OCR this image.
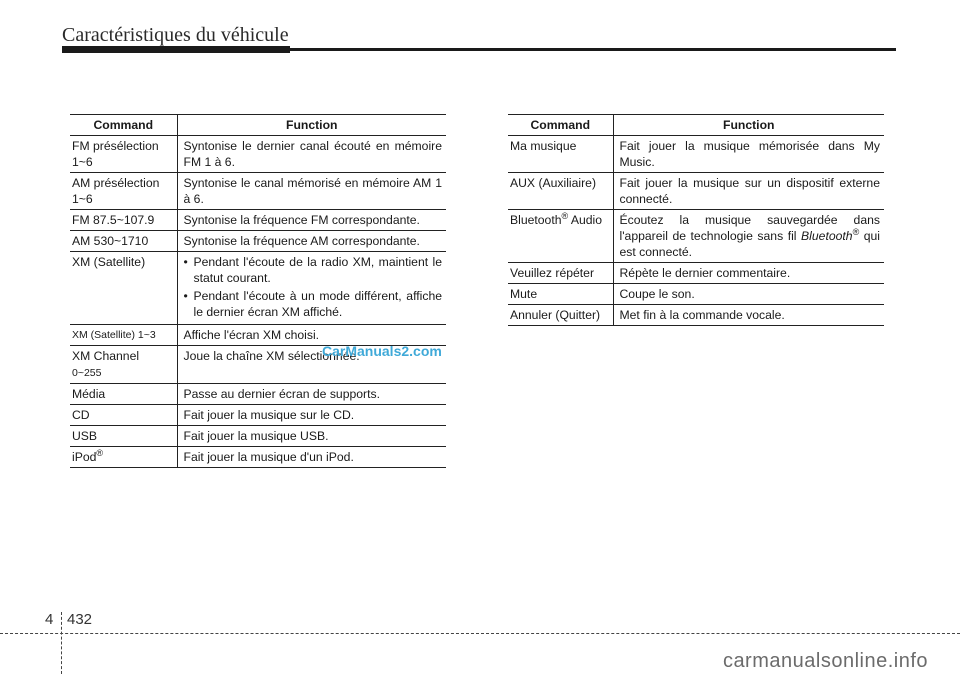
Caractéristiques du véhicule
Command	Function
FM présélection
1~6	Syntonise le dernier canal écouté en mémoire FM 1 à 6.
AM présélection
1~6	Syntonise le canal mémorisé en mémoire AM 1 à 6.
FM 87.5~107.9	Syntonise la fréquence FM correspondante.
AM 530~1710	Syntonise la fréquence AM correspondante.
XM (Satellite)	• Pendant l'écoute de la radio XM, maintient le statut courant.
• Pendant l'écoute à un mode différent, affiche le dernier écran XM affiché.

XM (Satellite) 1~3	Affiche l'écran XM choisi.
XM Channel
0~255	Joue la chaîne XM sélectionnée.
Média	Passe au dernier écran de supports.
CD	Fait jouer la musique sur le CD.
USB	Fait jouer la musique USB.
iPod®	Fait jouer la musique d'un iPod.
Command	Function
Ma musique	Fait jouer la musique mémorisée dans My Music.
AUX (Auxiliaire)	Fait jouer la musique sur un dispositif externe connecté.
Bluetooth® Audio	Écoutez la musique sauvegardée dans l'appareil de technologie sans fil Bluetooth® qui est connecté.
Veuillez répéter	Répète le dernier commentaire.
Mute	Coupe le son.
Annuler (Quitter)	Met fin à la commande vocale.
CarManuals2.com
4 432
carmanualsonline.info
